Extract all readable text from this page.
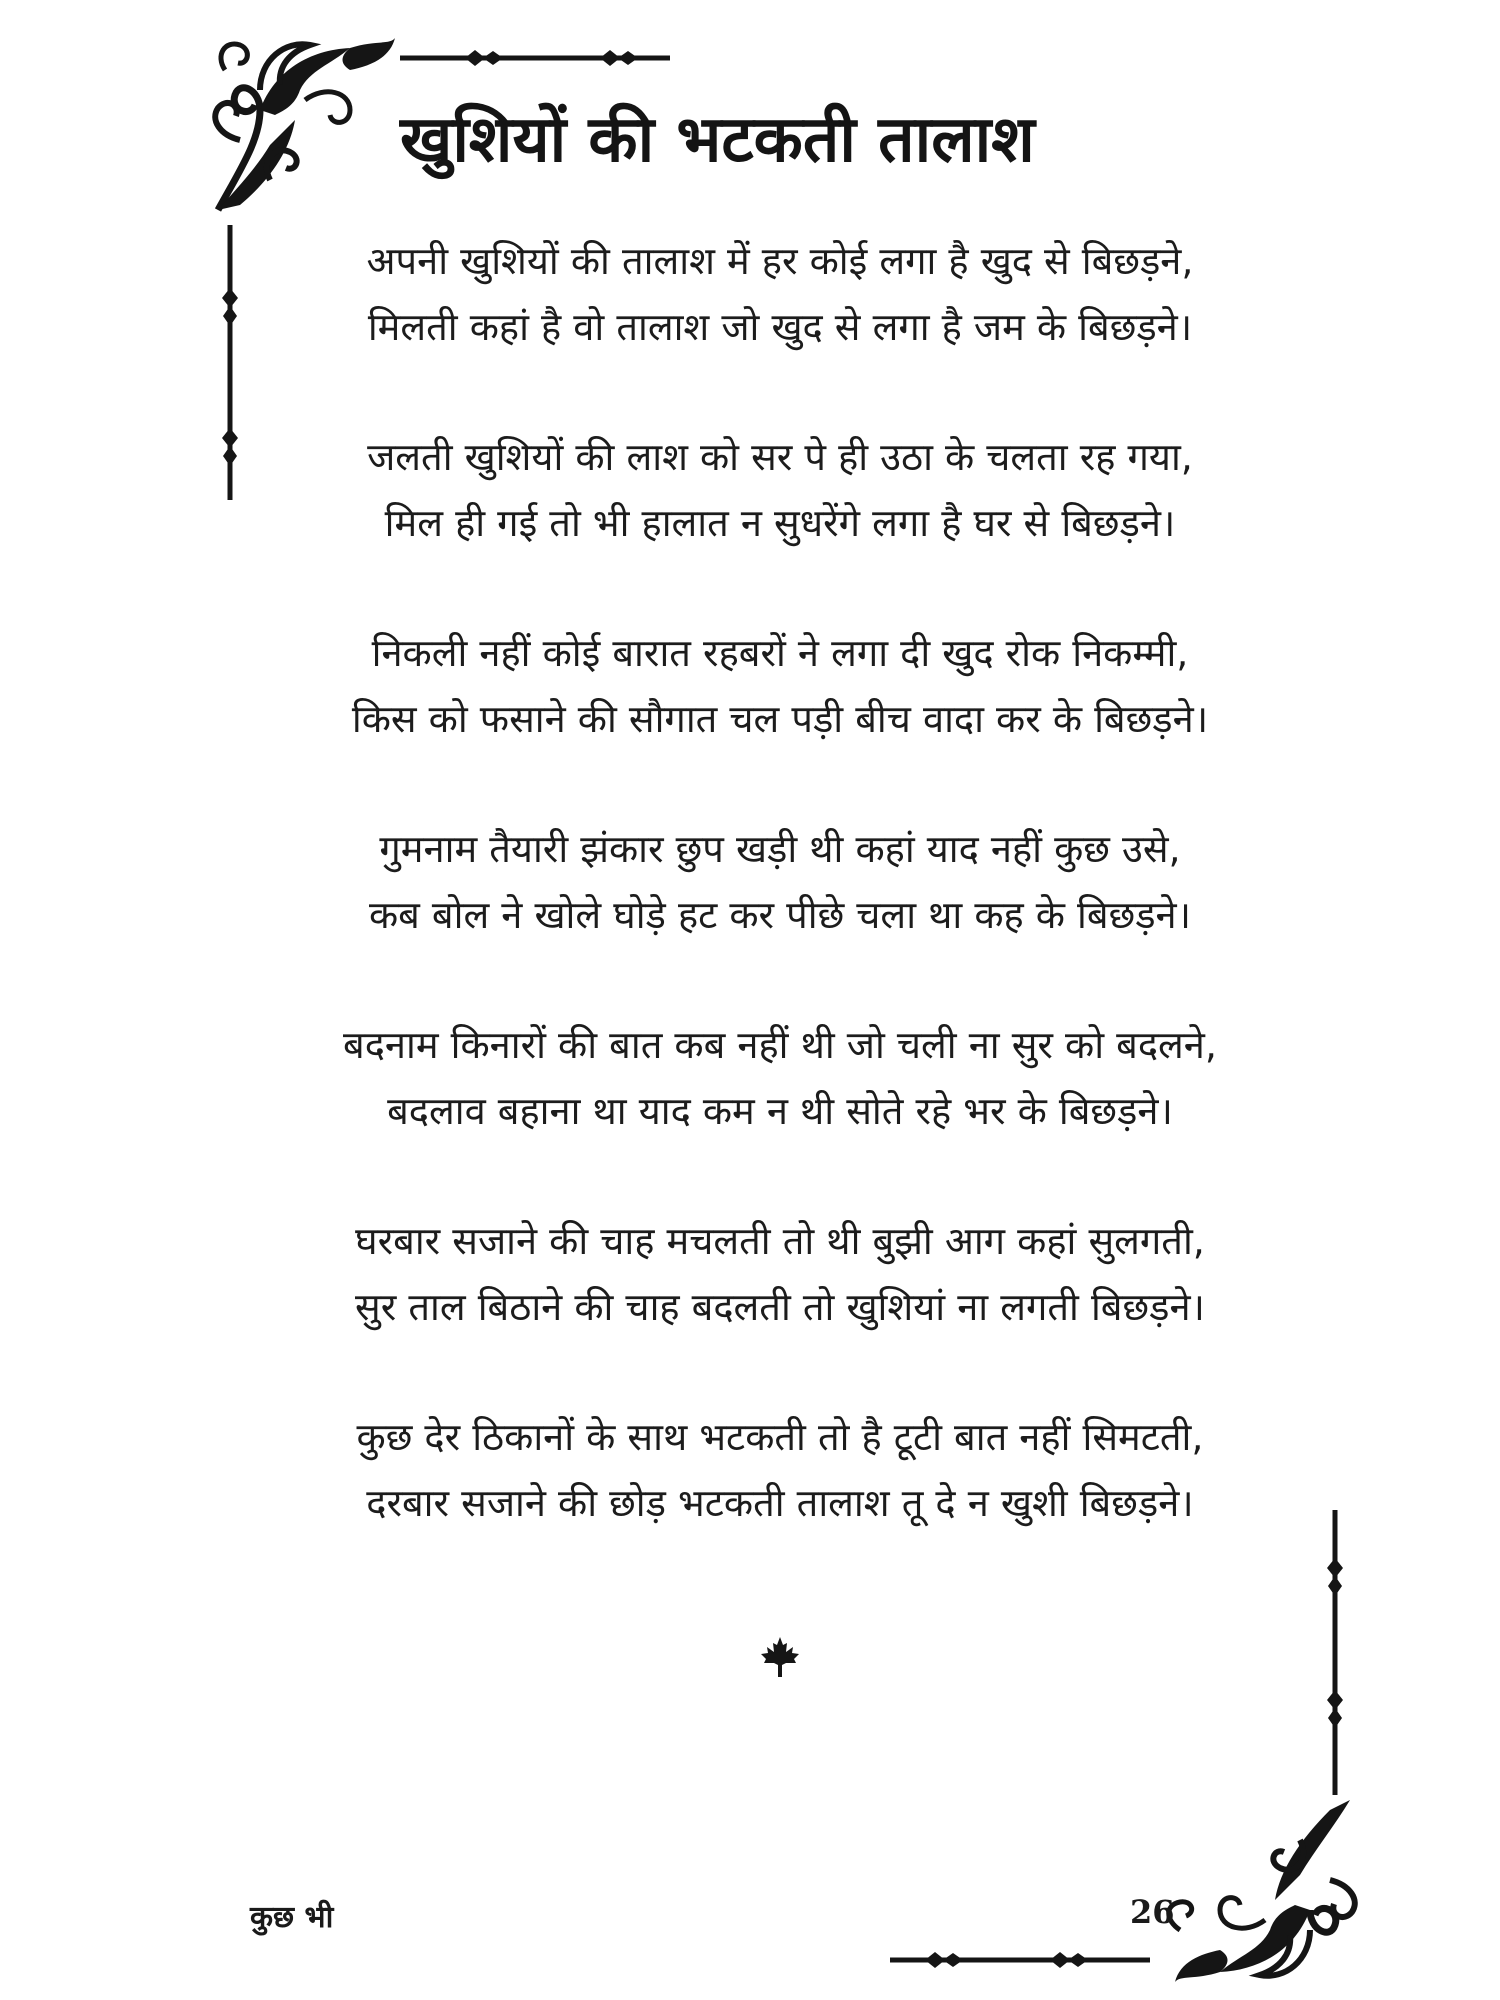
खुशियों की भटकती तालाश
अपनी खुशियों की तालाश में हर कोई लगा है खुद से बिछड़ने,
मिलती कहां है वो तालाश जो खुद से लगा है जम के बिछड़ने।
जलती खुशियों की लाश को सर पे ही उठा के चलता रह गया,
मिल ही गई तो भी हालात न सुधरेंगे लगा है घर से बिछड़ने।
निकली नहीं कोई बारात रहबरों ने लगा दी खुद रोक निकम्मी,
किस को फसाने की सौगात चल पड़ी बीच वादा कर के बिछड़ने।
गुमनाम तैयारी झंकार छुप खड़ी थी कहां याद नहीं कुछ उसे,
कब बोल ने खोले घोड़े हट कर पीछे चला था कह के बिछड़ने।
बदनाम किनारों की बात कब नहीं थी जो चली ना सुर को बदलने,
बदलाव बहाना था याद कम न थी सोते रहे भर के बिछड़ने।
घरबार सजाने की चाह मचलती तो थी बुझी आग कहां सुलगती,
सुर ताल बिठाने की चाह बदलती तो खुशियां ना लगती बिछड़ने।
कुछ देर ठिकानों के साथ भटकती तो है टूटी बात नहीं सिमटती,
दरबार सजाने की छोड़ भटकती तालाश तू दे न खुशी बिछड़ने।
कुछ भी	26
